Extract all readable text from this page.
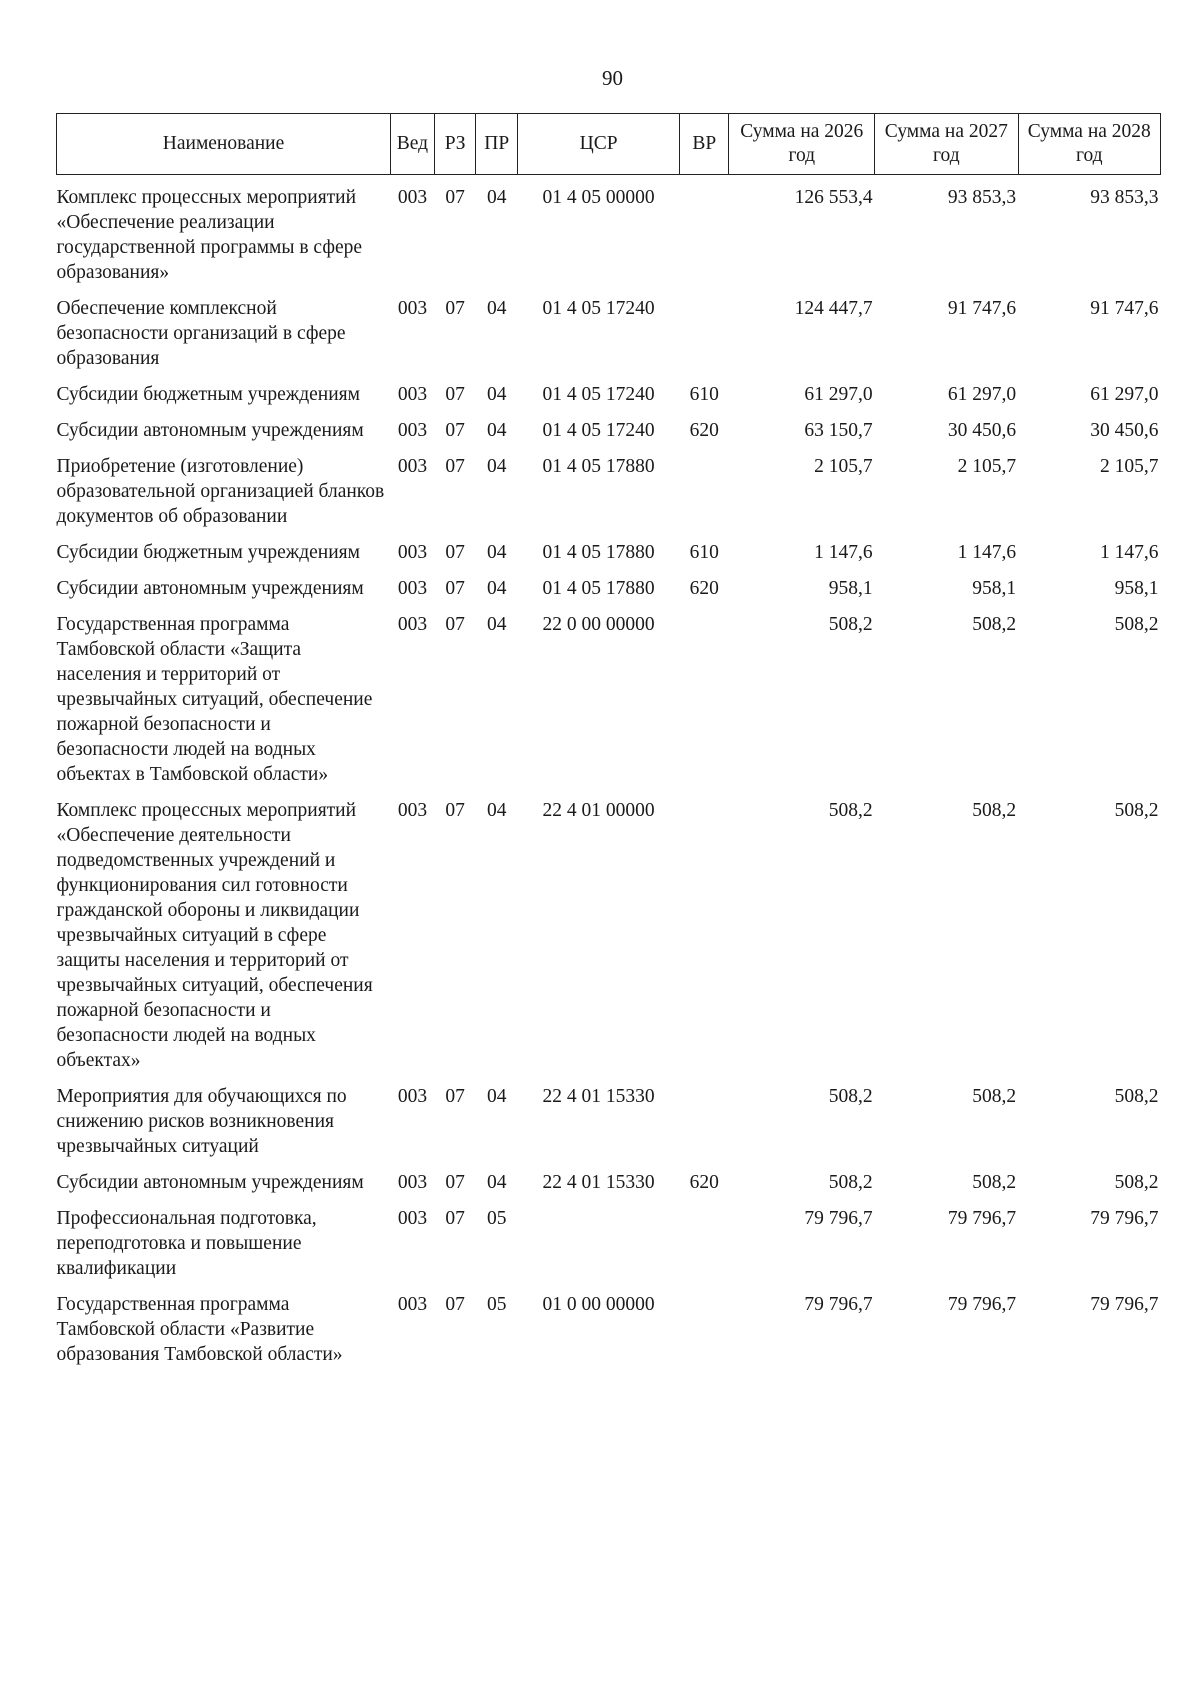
90
Наименование	Вед	РЗ	ПР	ЦСР	ВР	Сумма на 2026 год	Сумма на 2027 год	Сумма на 2028 год
Комплекс процессных мероприятий «Обеспечение реализации государственной программы в сфере образования»	003	07	04	01 4 05 00000		126 553,4	93 853,3	93 853,3
Обеспечение комплексной безопасности организаций в сфере образования	003	07	04	01 4 05 17240		124 447,7	91 747,6	91 747,6
Субсидии бюджетным учреждениям	003	07	04	01 4 05 17240	610	61 297,0	61 297,0	61 297,0
Субсидии автономным учреждениям	003	07	04	01 4 05 17240	620	63 150,7	30 450,6	30 450,6
Приобретение (изготовление) образовательной организацией бланков документов об образовании	003	07	04	01 4 05 17880		2 105,7	2 105,7	2 105,7
Субсидии бюджетным учреждениям	003	07	04	01 4 05 17880	610	1 147,6	1 147,6	1 147,6
Субсидии автономным учреждениям	003	07	04	01 4 05 17880	620	958,1	958,1	958,1
Государственная программа Тамбовской области «Защита населения и территорий от чрезвычайных ситуаций, обеспечение пожарной безопасности и безопасности людей на водных объектах в Тамбовской области»	003	07	04	22 0 00 00000		508,2	508,2	508,2
Комплекс процессных мероприятий «Обеспечение деятельности подведомственных учреждений и функционирования сил готовности гражданской обороны и ликвидации чрезвычайных ситуаций в сфере защиты населения и территорий от чрезвычайных ситуаций, обеспечения пожарной безопасности и безопасности людей на водных объектах»	003	07	04	22 4 01 00000		508,2	508,2	508,2
Мероприятия для обучающихся по снижению рисков возникновения чрезвычайных ситуаций	003	07	04	22 4 01 15330		508,2	508,2	508,2
Субсидии автономным учреждениям	003	07	04	22 4 01 15330	620	508,2	508,2	508,2
Профессиональная подготовка, переподготовка и повышение квалификации	003	07	05			79 796,7	79 796,7	79 796,7
Государственная программа Тамбовской области «Развитие образования Тамбовской области»	003	07	05	01 0 00 00000		79 796,7	79 796,7	79 796,7
